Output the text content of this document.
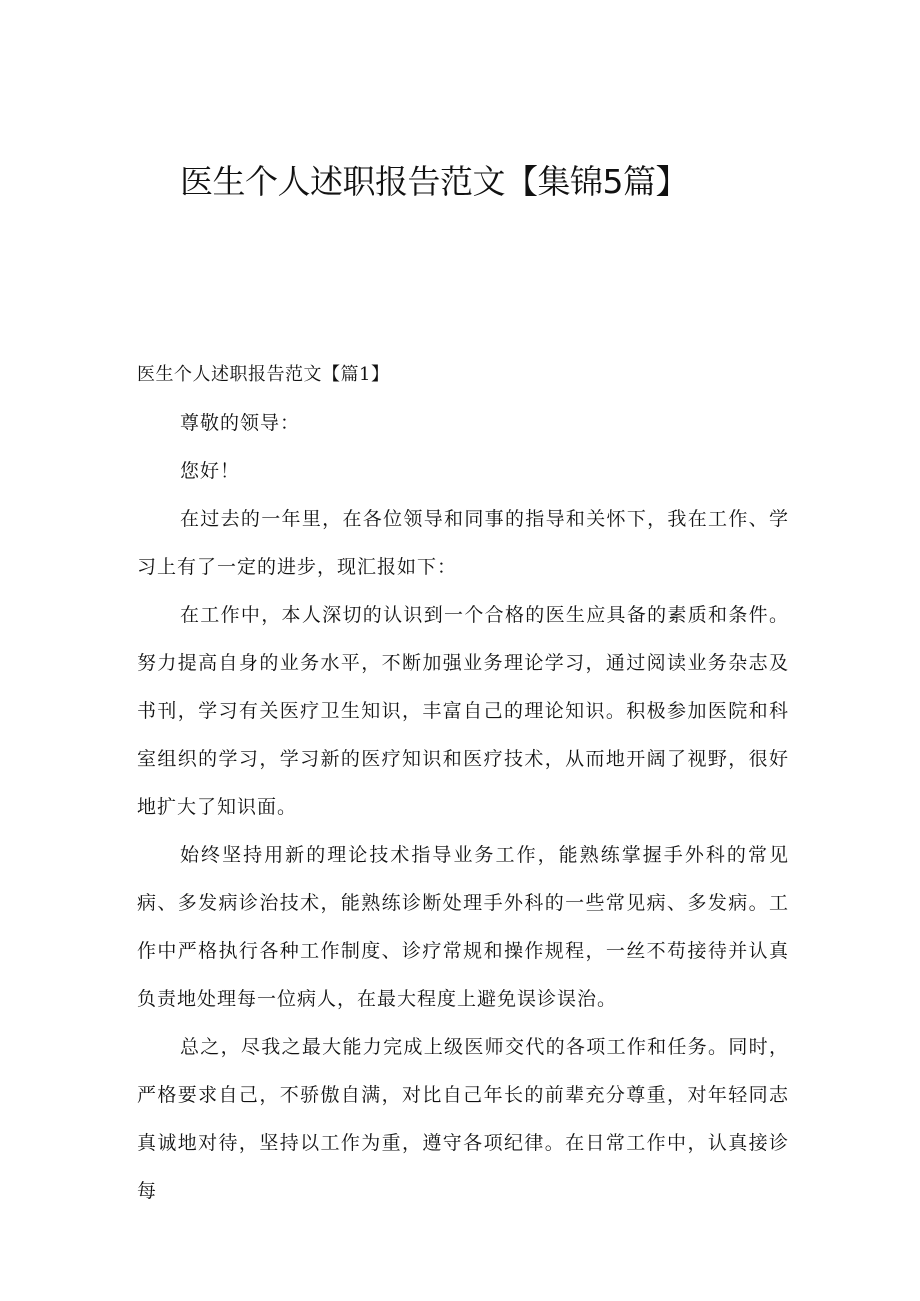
医生个人述职报告范文【集锦5篇】

医生个人述职报告范文【篇1】

尊敬的领导：

您好！

在过去的一年里，在各位领导和同事的指导和关怀下，我在工作、学习上有了一定的进步，现汇报如下：

在工作中，本人深切的认识到一个合格的医生应具备的素质和条件。努力提高自身的业务水平，不断加强业务理论学习，通过阅读业务杂志及书刊，学习有关医疗卫生知识，丰富自己的理论知识。积极参加医院和科室组织的学习，学习新的医疗知识和医疗技术，从而地开阔了视野，很好地扩大了知识面。

始终坚持用新的理论技术指导业务工作，能熟练掌握手外科的常见病、多发病诊治技术，能熟练诊断处理手外科的一些常见病、多发病。工作中严格执行各种工作制度、诊疗常规和操作规程，一丝不苟接待并认真负责地处理每一位病人，在最大程度上避免误诊误治。

总之，尽我之最大能力完成上级医师交代的各项工作和任务。同时，严格要求自己，不骄傲自满，对比自己年长的前辈充分尊重，对年轻同志真诚地对待，坚持以工作为重，遵守各项纪律。在日常工作中，认真接诊每
